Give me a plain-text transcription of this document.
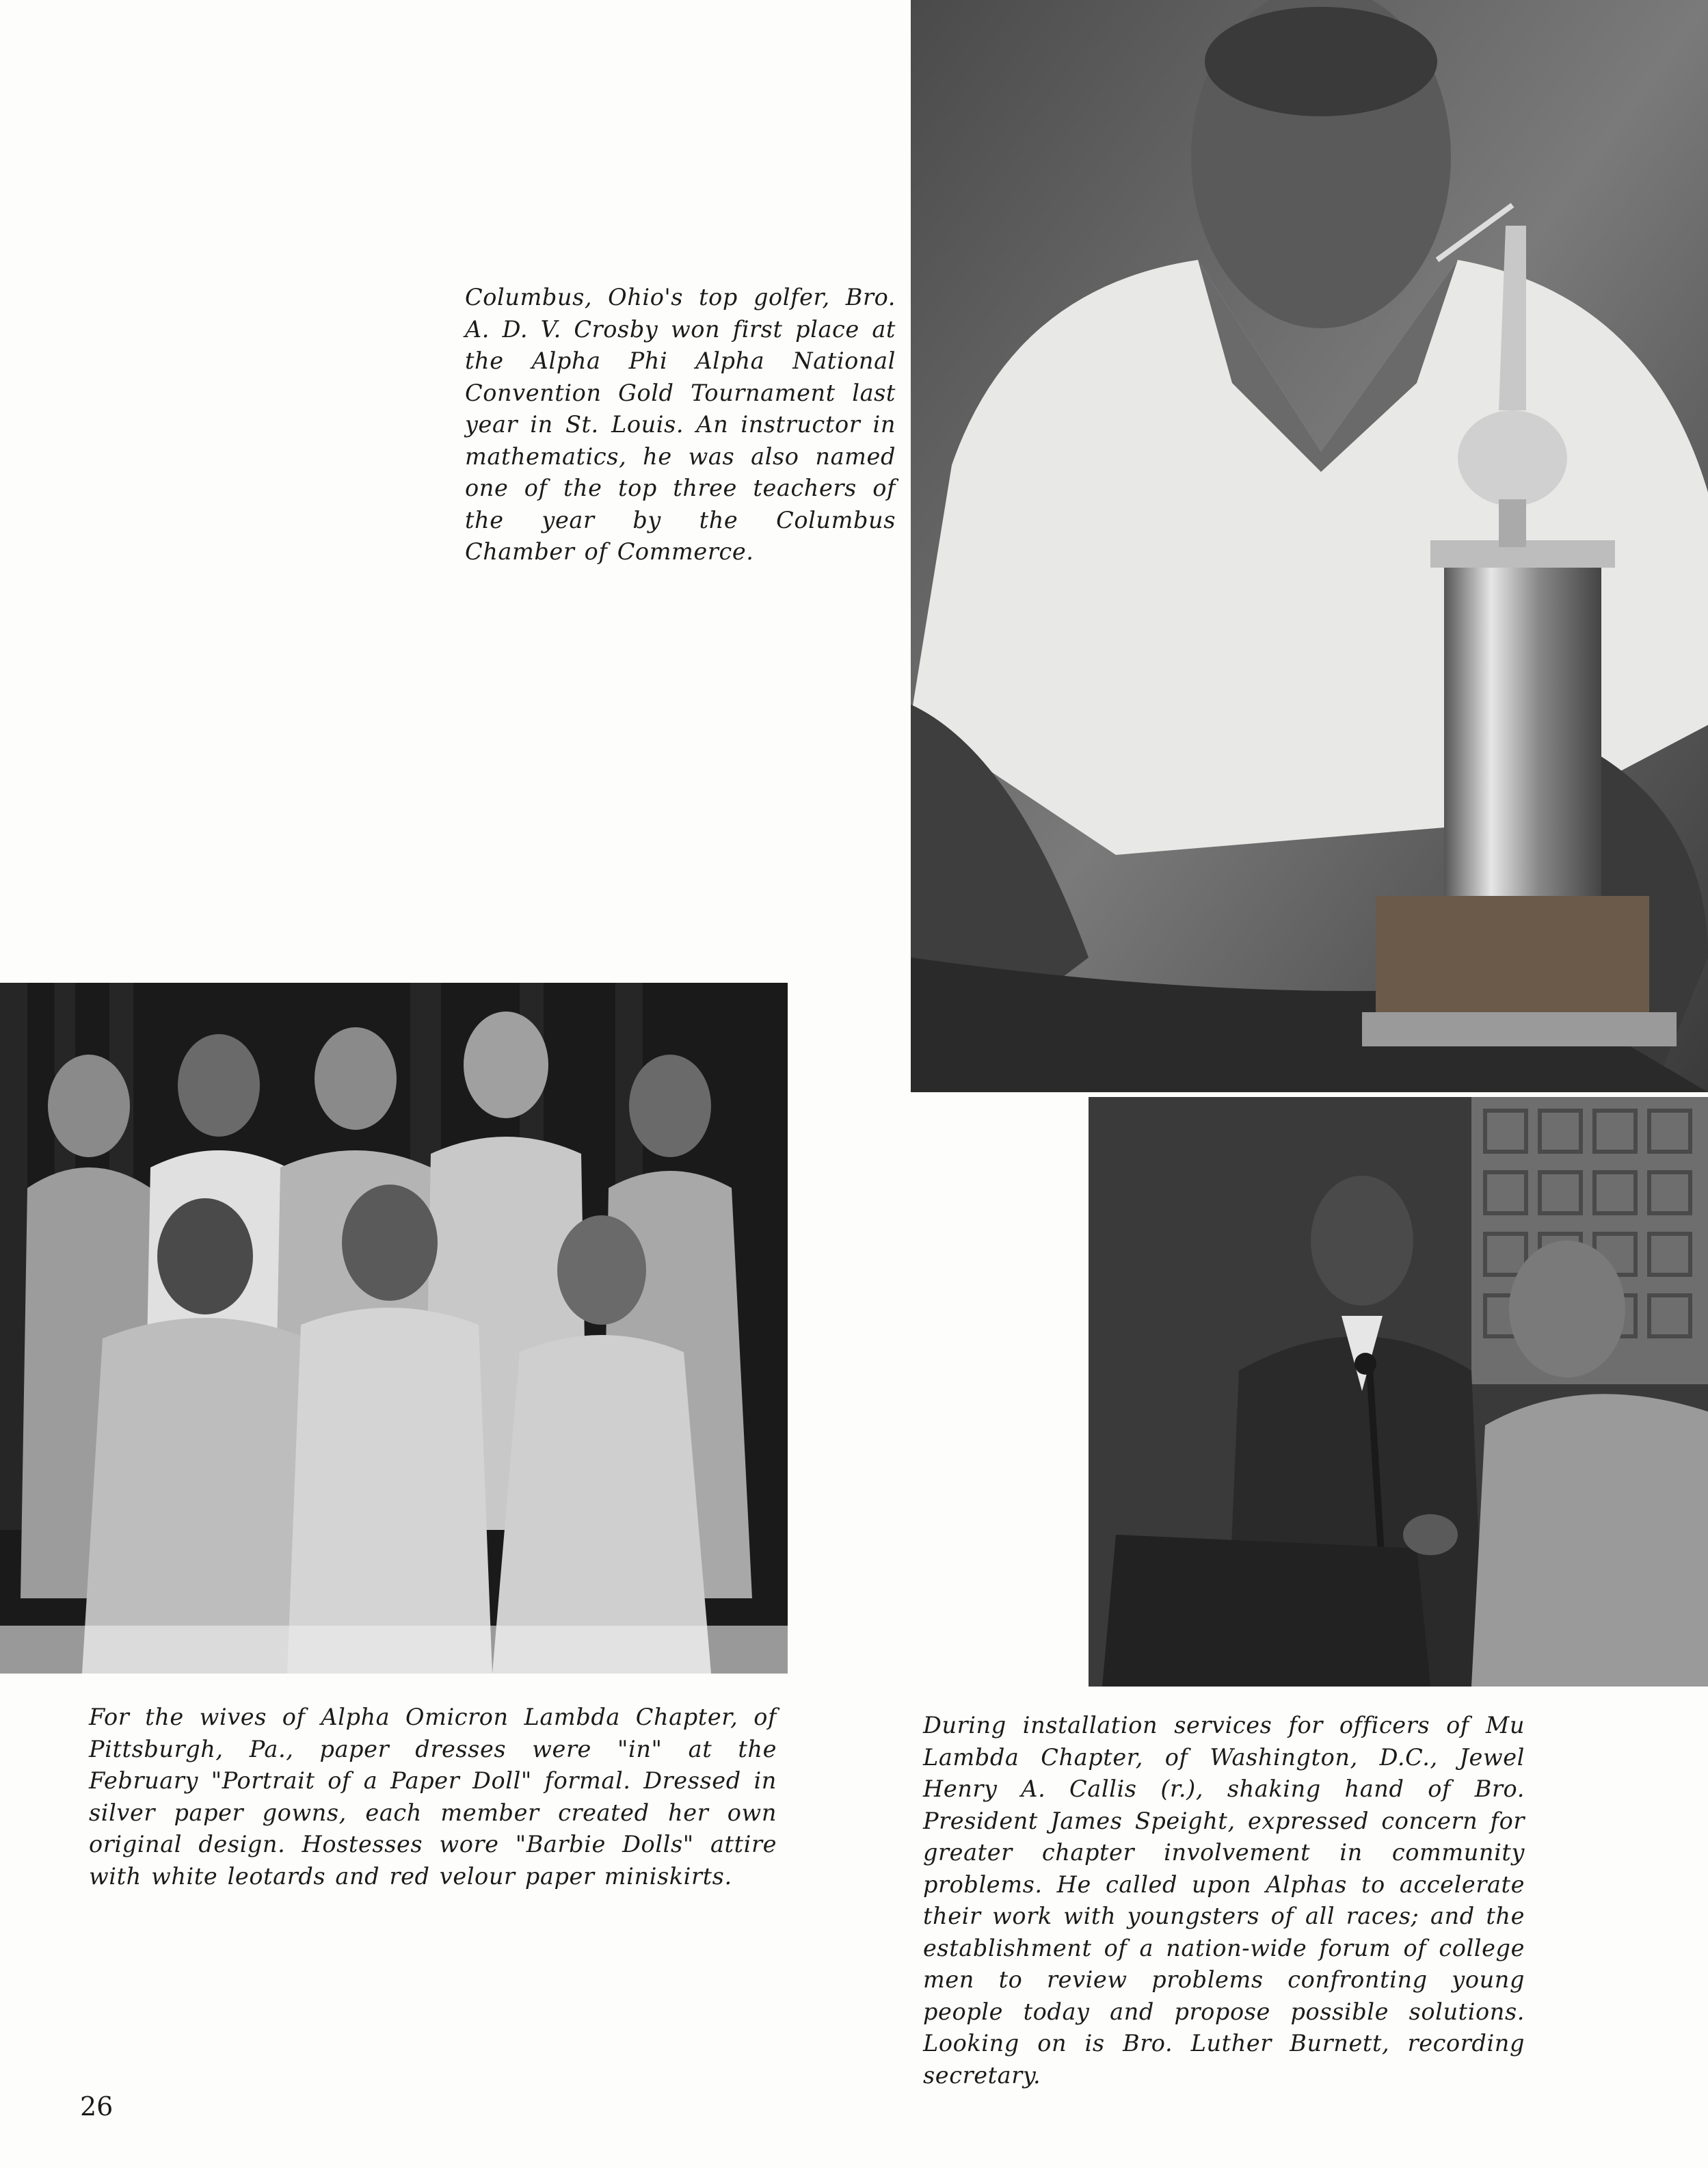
Columbus, Ohio's top golfer, Bro. A. D. V. Crosby won first place at the Alpha Phi Alpha National Convention Gold Tournament last year in St. Louis. An instructor in mathematics, he was also named one of the top three teachers of the year by the Columbus Chamber of Commerce.

For the wives of Alpha Omicron Lambda Chapter, of Pittsburgh, Pa., paper dresses were "in" at the February "Portrait of a Paper Doll" formal. Dressed in silver paper gowns, each member created her own original design. Hostesses wore "Barbie Dolls" attire with white leotards and red velour paper miniskirts.

During installation services for officers of Mu Lambda Chapter, of Washington, D.C., Jewel Henry A. Callis (r.), shaking hand of Bro. President James Speight, expressed concern for greater chapter involvement in community problems. He called upon Alphas to accelerate their work with youngsters of all races; and the establishment of a nation-wide forum of college men to review problems confronting young people today and propose possible solutions. Looking on is Bro. Luther Burnett, recording secretary.

26
